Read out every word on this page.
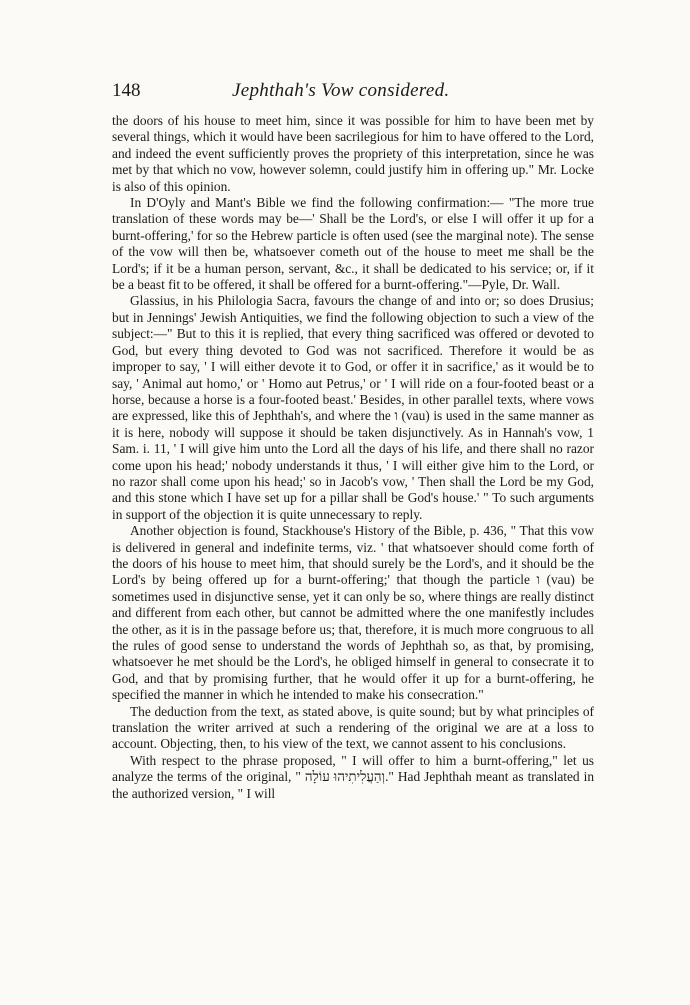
148	Jephthah's Vow considered.

the doors of his house to meet him, since it was possible for him to have been met by several things, which it would have been sacrilegious for him to have offered to the Lord, and indeed the event sufficiently proves the propriety of this interpretation, since he was met by that which no vow, however solemn, could justify him in offering up." Mr. Locke is also of this opinion.

In D'Oyly and Mant's Bible we find the following confirmation:— "The more true translation of these words may be—' Shall be the Lord's, or else I will offer it up for a burnt-offering,' for so the Hebrew particle is often used (see the marginal note). The sense of the vow will then be, whatsoever cometh out of the house to meet me shall be the Lord's; if it be a human person, servant, &c., it shall be dedicated to his service; or, if it be a beast fit to be offered, it shall be offered for a burnt-offering."—Pyle, Dr. Wall.

Glassius, in his Philologia Sacra, favours the change of and into or; so does Drusius; but in Jennings' Jewish Antiquities, we find the following objection to such a view of the subject:—" But to this it is replied, that every thing sacrificed was offered or devoted to God, but every thing devoted to God was not sacrificed. Therefore it would be as improper to say, ' I will either devote it to God, or offer it in sacrifice,' as it would be to say, ' Animal aut homo,' or ' Homo aut Petrus,' or ' I will ride on a four-footed beast or a horse, because a horse is a four-footed beast.' Besides, in other parallel texts, where vows are expressed, like this of Jephthah's, and where the ו (vau) is used in the same manner as it is here, nobody will suppose it should be taken disjunctively. As in Hannah's vow, 1 Sam. i. 11, ' I will give him unto the Lord all the days of his life, and there shall no razor come upon his head;' nobody understands it thus, ' I will either give him to the Lord, or no razor shall come upon his head;' so in Jacob's vow, ' Then shall the Lord be my God, and this stone which I have set up for a pillar shall be God's house.' " To such arguments in support of the objection it is quite unnecessary to reply.

Another objection is found, Stackhouse's History of the Bible, p. 436, " That this vow is delivered in general and indefinite terms, viz. ' that whatsoever should come forth of the doors of his house to meet him, that should surely be the Lord's, and it should be the Lord's by being offered up for a burnt-offering;' that though the particle ו (vau) be sometimes used in disjunctive sense, yet it can only be so, where things are really distinct and different from each other, but cannot be admitted where the one manifestly includes the other, as it is in the passage before us; that, therefore, it is much more congruous to all the rules of good sense to understand the words of Jephthah so, as that, by promising, whatsoever he met should be the Lord's, he obliged himself in general to consecrate it to God, and that by promising further, that he would offer it up for a burnt-offering, he specified the manner in which he intended to make his consecration."

The deduction from the text, as stated above, is quite sound; but by what principles of translation the writer arrived at such a rendering of the original we are at a loss to account. Objecting, then, to his view of the text, we cannot assent to his conclusions.

With respect to the phrase proposed, " I will offer to him a burnt-offering," let us analyze the terms of the original, " וְהַעֲלִיתִיהוּ עוֹלָה." Had Jephthah meant as translated in the authorized version, " I will
